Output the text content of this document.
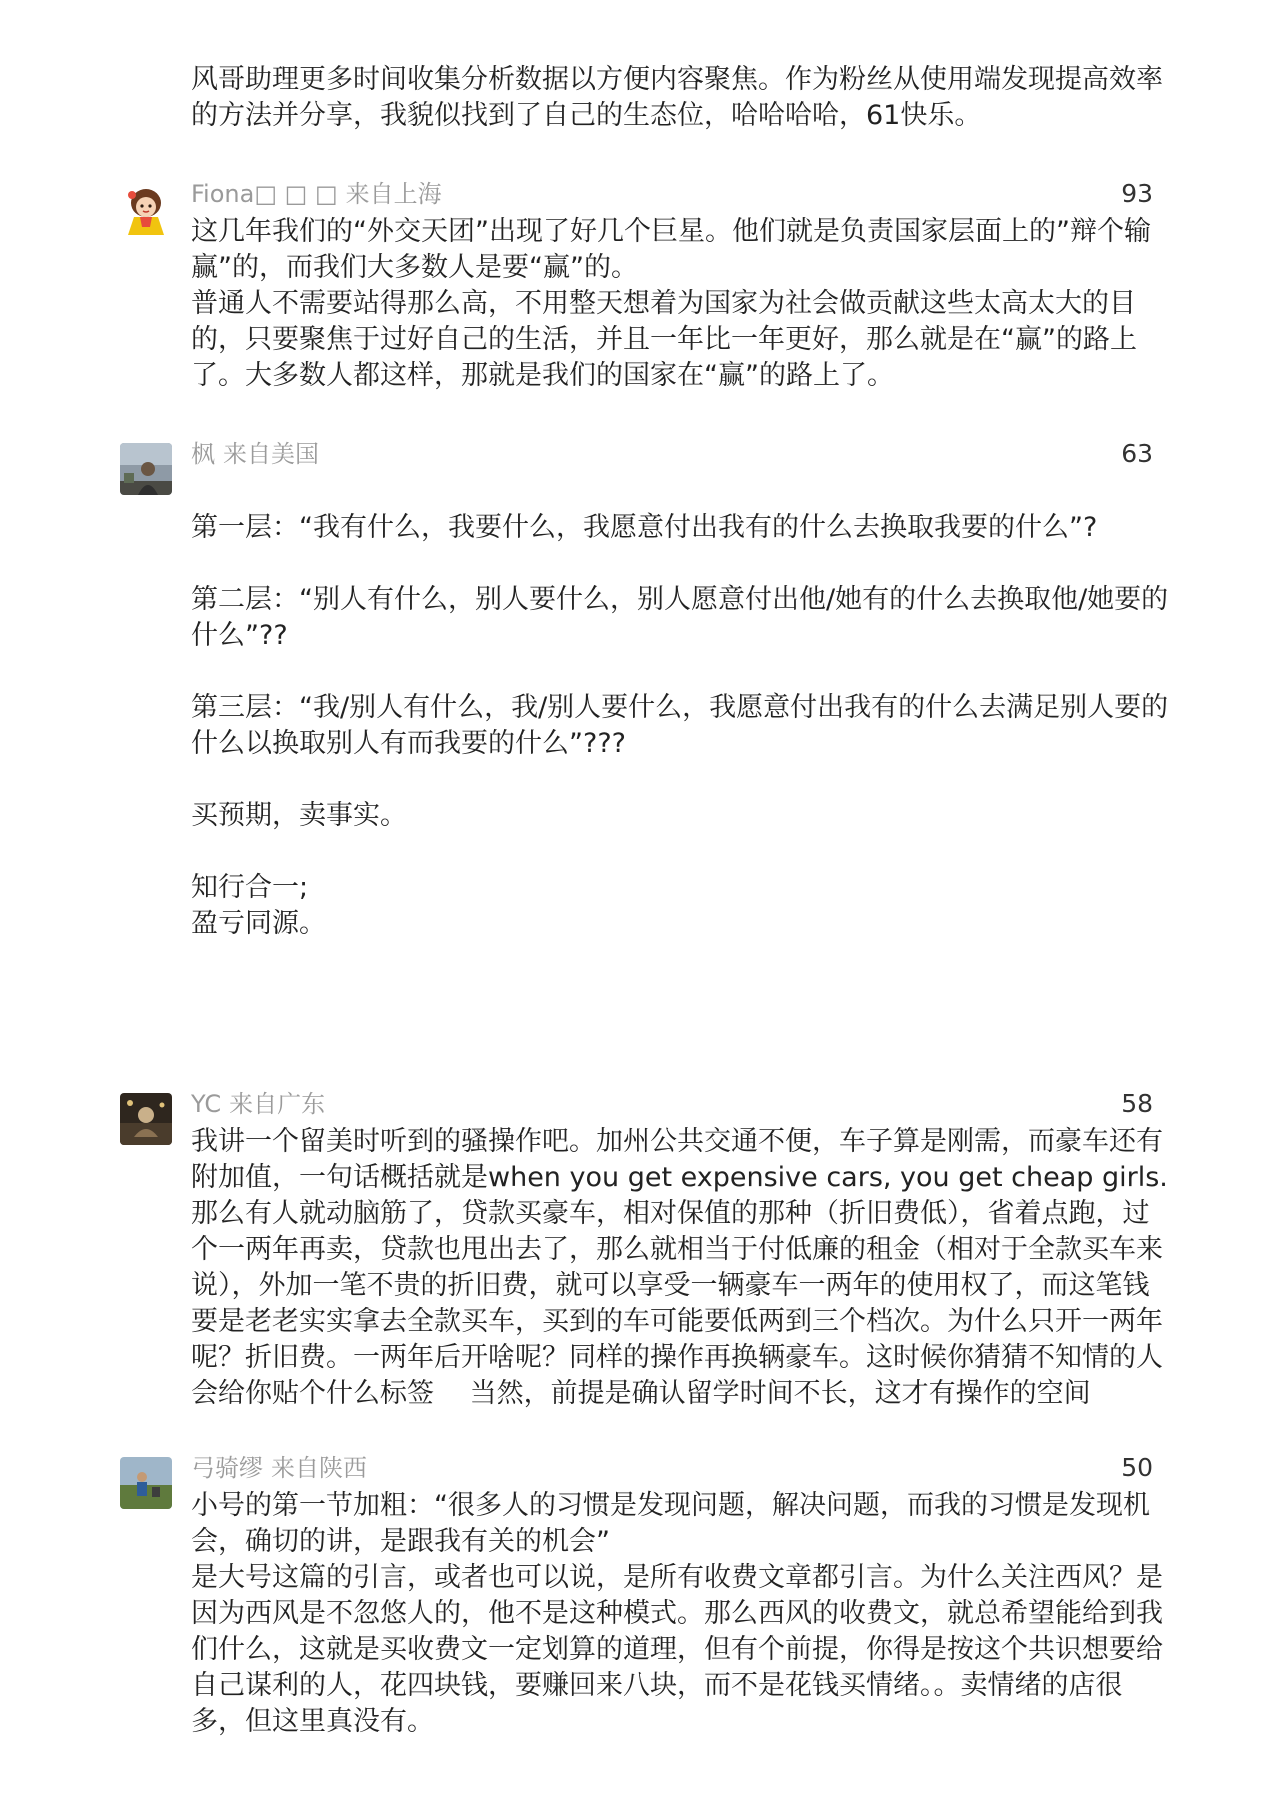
风哥助理更多时间收集分析数据以方便内容聚焦。作为粉丝从使用端发现提高效率

的方法并分享，我貌似找到了自己的生态位，哈哈哈哈，61快乐。

Fiona□ □ □ 来自上海	93

这几年我们的“外交天团”出现了好几个巨星。他们就是负责国家层面上的”辩个输赢”的，而我们大多数人是要“赢”的。

普通人不需要站得那么高，不用整天想着为国家为社会做贡献这些太高太大的目的，只要聚焦于过好自己的生活，并且一年比一年更好，那么就是在“赢”的路上了。大多数人都这样，那就是我们的国家在“赢”的路上了。

枫 来自美国	63

第一层：“我有什么，我要什么，我愿意付出我有的什么去换取我要的什么”?

第二层：“别人有什么，别人要什么，别人愿意付出他/她有的什么去换取他/她要的什么”??

第三层：“我/别人有什么，我/别人要什么，我愿意付出我有的什么去满足别人要的什么以换取别人有而我要的什么”???

买预期，卖事实。

知行合一;

盈亏同源。

YC 来自广东	58

我讲一个留美时听到的骚操作吧。加州公共交通不便，车子算是刚需，而豪车还有附加值，一句话概括就是when you get expensive cars, you get cheap girls. 那么有人就动脑筋了，贷款买豪车，相对保值的那种（折旧费低），省着点跑，过个一两年再卖，贷款也甩出去了，那么就相当于付低廉的租金（相对于全款买车来说），外加一笔不贵的折旧费，就可以享受一辆豪车一两年的使用权了，而这笔钱要是老老实实拿去全款买车，买到的车可能要低两到三个档次。为什么只开一两年呢？折旧费。一两年后开啥呢？同样的操作再换辆豪车。这时候你猜猜不知情的人会给你贴个什么标签　 当然，前提是确认留学时间不长，这才有操作的空间

弓骑缪 来自陕西	50

小号的第一节加粗：“很多人的习惯是发现问题，解决问题，而我的习惯是发现机会，确切的讲，是跟我有关的机会”

是大号这篇的引言，或者也可以说，是所有收费文章都引言。为什么关注西风？是因为西风是不忽悠人的，他不是这种模式。那么西风的收费文，就总希望能给到我们什么，这就是买收费文一定划算的道理，但有个前提，你得是按这个共识想要给自己谋利的人，花四块钱，要赚回来八块，而不是花钱买情绪。。卖情绪的店很多，但这里真没有。
